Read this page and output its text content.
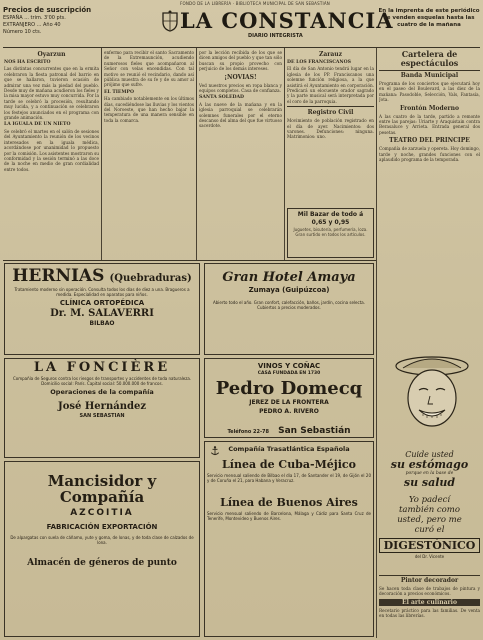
FONDO DE LA LIBRERÍA · BIBLIOTECA MUNICIPAL DE SAN SEBASTIÁN
Precios de suscripción
ESPAÑA ... trim. 3'00 pts.
EXTRANJERO ... Año 40
Número 10 cts.	LA CONSTANCIA
DIARIO INTEGRISTA
En la imprenta de este periódico
se venden esquelas hasta las
cuatro de la mañana
Oyarzun
NOS HA ESCRITO

Las distintas concurrentes que en la ermita celebraron la fiesta patronal del barrio en que se hallaron, tuvieron ocasión de admirar una vez más la piedad del pueblo. Desde muy de mañana acudieron los fieles y la misa mayor estuvo muy concurrida. Por la tarde se celebró la procesión, resultando muy lucida, y a continuación se celebraron los festejos anunciados en el programa con grande animación.

LA IGUALA DE UN NIETO

Se celebró el martes en el salón de sesiones del Ayuntamiento la reunión de los vecinos interesados en la iguala médica, acordándose por unanimidad lo propuesto por la comisión. Los asistentes mostraron su conformidad y la sesión terminó a las doce de la noche en medio de gran cordialidad entre todos.

enfermo para recibir el santo Sacramento de la Extremaunción, acudiendo numerosos fieles que acompañaron al Señor con velas encendidas. Con tal motivo se reunió el vecindario, dando así pública muestra de su fe y de su amor al prójimo que sufre.

EL TIEMPO

Ha cambiado notablemente en los últimos días, sucediéndose las lluvias y los vientos del Noroeste, que han hecho bajar la temperatura de una manera sensible en toda la comarca.

por la lección recibida de los que se dicen amigos del pueblo y que tan sólo buscan su propio provecho con perjuicio de los demás intereses.

¡NOVIAS!

Ved nuestros precios en ropa blanca y equipos completos. Casa de confianza.

SANTA SOLEDAD

A las nueve de la mañana y en la iglesia parroquial se celebrarán solemnes funerales por el eterno descanso del alma del que fue virtuoso sacerdote.

Zarauz
DE LOS FRANCISCANOS

El día de San Antonio tendrá lugar en la iglesia de los PP. Franciscanos una solemne función religiosa, a la que asistirá el Ayuntamiento en corporación. Predicará un elocuente orador sagrado y la parte musical será interpretada por el coro de la parroquia.

Registro Civil

Movimiento de población registrado en el día de ayer. Nacimientos: dos varones. Defunciones: ninguna. Matrimonios: uno.

Mil Bazar de todo á 0,65 y 0,95
Juguetes, bisutería, perfumería, loza. Gran surtido en todos los artículos.
Cartelera de espectáculos
Banda Municipal

Programa de los conciertos que ejecutará hoy en el paseo del Boulevard, a las diez de la mañana: Pasodoble, Selección, Vals, Fantasía, Jota.

Frontón Moderno

A las cuatro de la tarde, partido a remonte entre las parejas: Uriarte y Araquistain contra Berasaluce y Arrieta. Entrada general dos pesetas.

TEATRO DEL PRINCIPE

Compañía de zarzuela y opereta. Hoy domingo, tarde y noche, grandes funciones con el aplaudido programa de la temporada.

HERNIAS (Quebraduras)
Tratamiento moderno sin operación. Consulta todos los días de diez a una. Bragueros a medida. Especialidad en aparatos para niños.
CLÍNICA ORTOPÉDICA
Dr. M. SALAVERRI
BILBAO
Gran Hotel Amaya
Zumaya (Guipúzcoa)
Abierto todo el año. Gran confort, calefacción, baños, jardín, cocina selecta. Cubiertos a precios moderados.
LA FONCIÈRE
Compañía de Seguros contra los riesgos de transportes y accidentes de toda naturaleza. Domicilio social: París. Capital social: 50.000.000 de francos.
Operaciones de la compañía
José Hernández
SAN SEBASTIAN
VINOS Y COÑAC
CASA FUNDADA EN 1730
Pedro Domecq
JEREZ DE LA FRONTERA
PEDRO A. RIVERO
Teléfono 22-78 San Sebastián
Compañía Trasatlántica Española
Línea de Cuba-Méjico
Servicio mensual saliendo de Bilbao el día 17, de Santander el 19, de Gijón el 20 y de Coruña el 21, para Habana y Veracruz.
Línea de Buenos Aires
Servicio mensual saliendo de Barcelona, Málaga y Cádiz para Santa Cruz de Tenerife, Montevideo y Buenos Aires.
Mancisidor y Compañía
AZCOITIA
FABRICACIÓN EXPORTACIÓN
De alpargatas con suela de cáñamo, yute y goma, de lonas, y de toda clase de calzados de lona.
Almacén de géneros de punto
Cuide usted
su estómago
porque en la base de
su salud
Yo padecí
también como
usted, pero me
curó el
DIGESTÓNICO
del Dr. Vicente
Pintor decorador

Se hacen toda clase de trabajos de pintura y decoración a precios económicos.

El arte culinario

Recetario práctico para las familias. De venta en todas las librerías.
